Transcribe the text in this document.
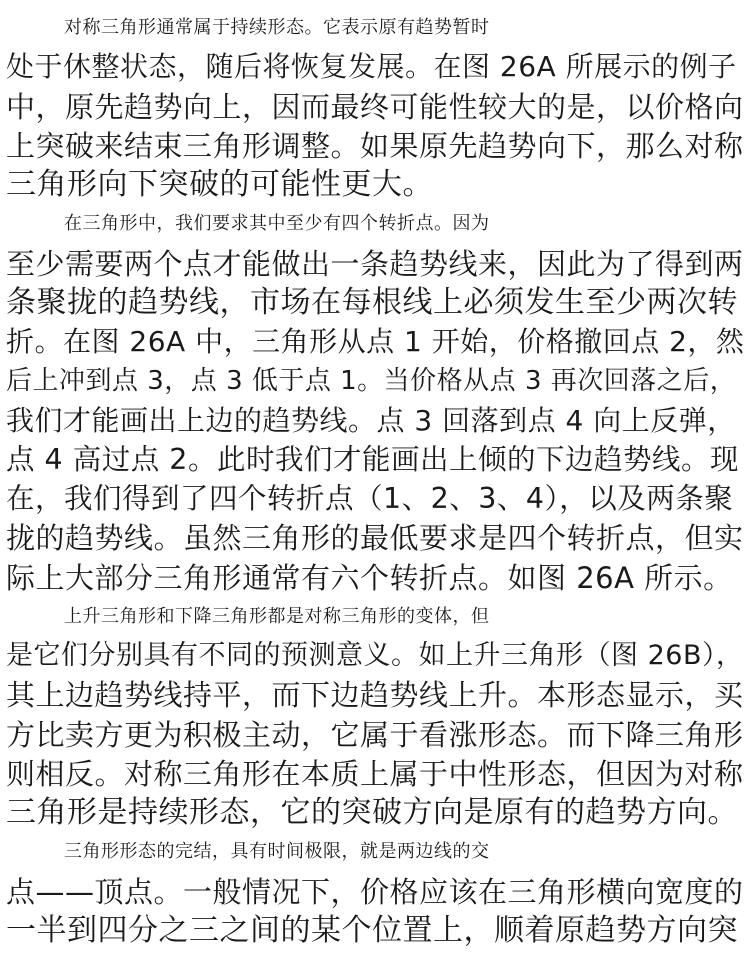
对称三角形通常属于持续形态。它表示原有趋势暂时
处于休整状态，随后将恢复发展。在图 26A 所展示的例子
中，原先趋势向上，因而最终可能性较大的是，以价格向
上突破来结束三角形调整。如果原先趋势向下，那么对称
三角形向下突破的可能性更大。
在三角形中，我们要求其中至少有四个转折点。因为
至少需要两个点才能做出一条趋势线来，因此为了得到两
条聚拢的趋势线，市场在每根线上必须发生至少两次转
折。在图 26A 中，三角形从点 1 开始，价格撤回点 2，然
后上冲到点 3，点 3 低于点 1。当价格从点 3 再次回落之后，
我们才能画出上边的趋势线。点 3 回落到点 4 向上反弹，
点 4 高过点 2。此时我们才能画出上倾的下边趋势线。现
在，我们得到了四个转折点（1、2、3、4），以及两条聚
拢的趋势线。虽然三角形的最低要求是四个转折点，但实
际上大部分三角形通常有六个转折点。如图 26A 所示。
上升三角形和下降三角形都是对称三角形的变体，但
是它们分别具有不同的预测意义。如上升三角形（图 26B），
其上边趋势线持平，而下边趋势线上升。本形态显示，买
方比卖方更为积极主动，它属于看涨形态。而下降三角形
则相反。对称三角形在本质上属于中性形态，但因为对称
三角形是持续形态，它的突破方向是原有的趋势方向。
三角形形态的完结，具有时间极限，就是两边线的交
点——顶点。一般情况下，价格应该在三角形横向宽度的
一半到四分之三之间的某个位置上，顺着原趋势方向突
